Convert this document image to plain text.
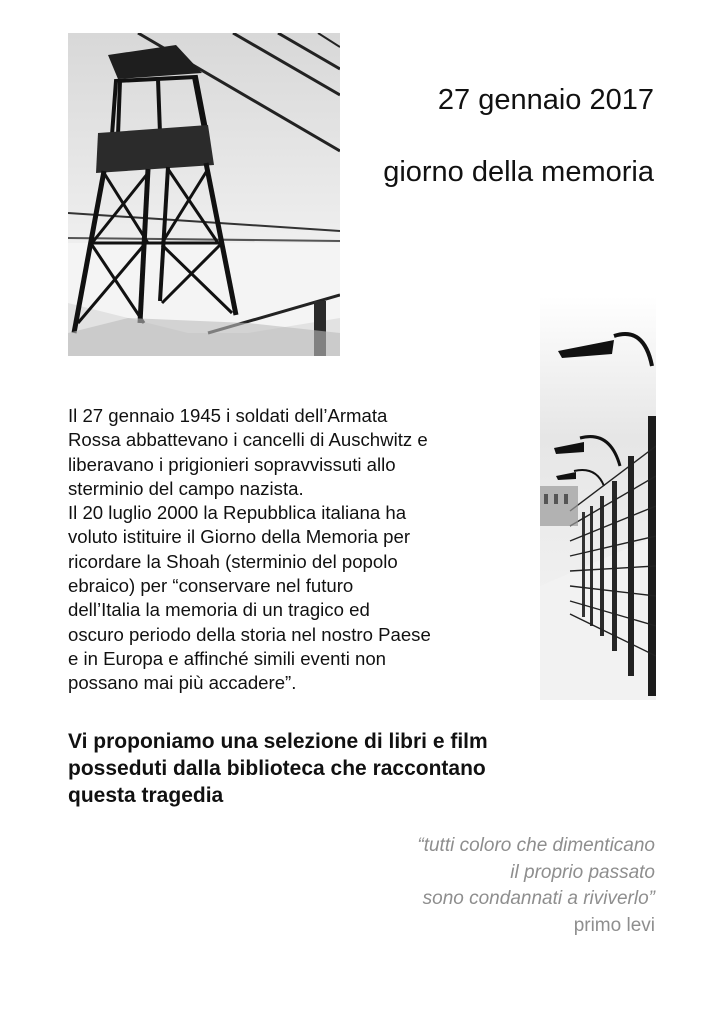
27 gennaio 2017
giorno della memoria

Il 27 gennaio 1945 i soldati dell’Armata

Rossa abbattevano i cancelli di Auschwitz e

liberavano i prigionieri sopravvissuti allo

sterminio del campo nazista.

Il 20 luglio 2000 la Repubblica italiana ha

voluto istituire il Giorno della Memoria per

ricordare la Shoah (sterminio del popolo

ebraico) per “conservare nel futuro

dell’Italia la memoria di un tragico ed

oscuro periodo della storia nel nostro Paese

e in Europa e affinché simili eventi non

possano mai più accadere”.

Vi proponiamo una selezione di libri e film

posseduti dalla biblioteca che raccontano

questa tragedia

“tutti coloro che dimenticano

il proprio passato

sono condannati a riviverlo”

primo levi
